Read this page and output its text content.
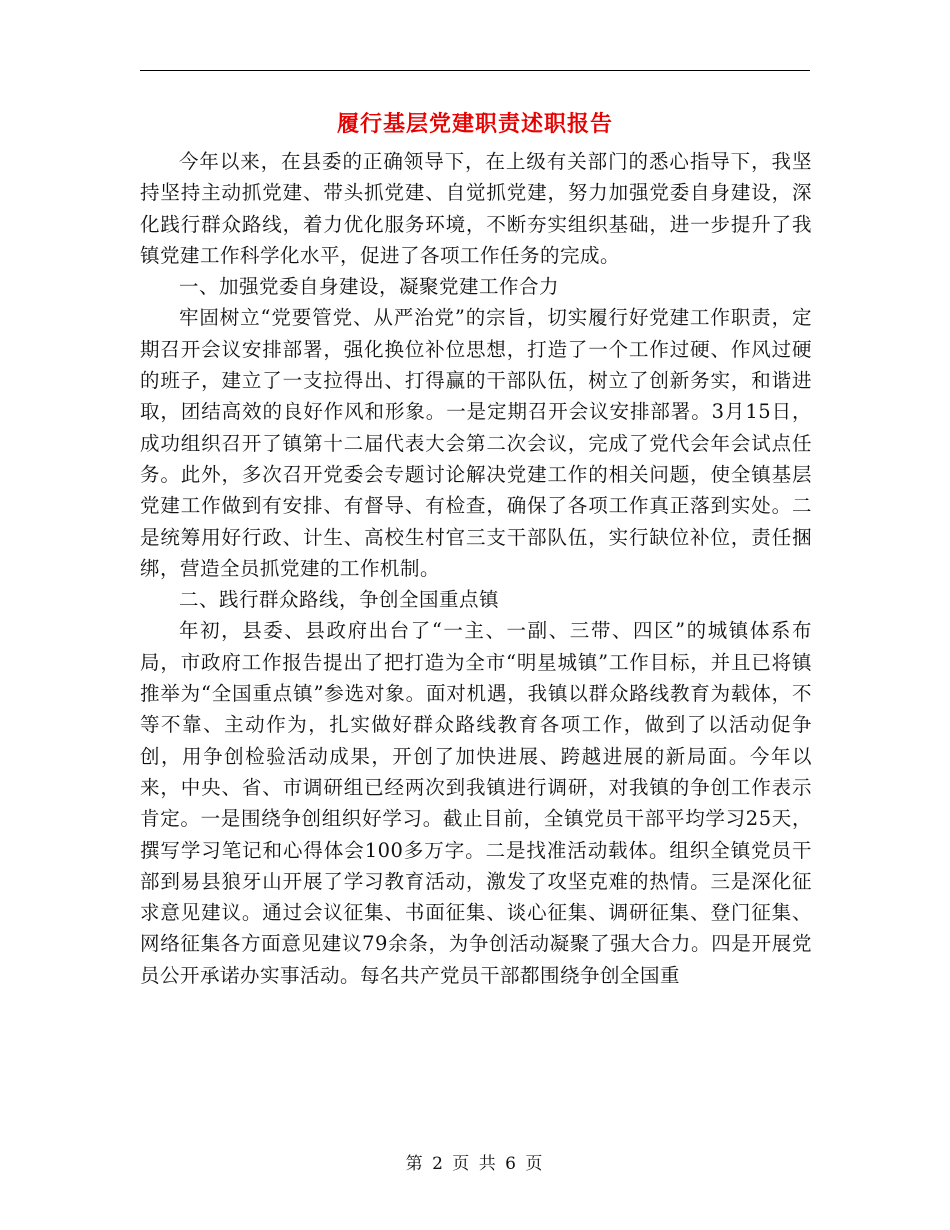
履行基层党建职责述职报告

今年以来，在县委的正确领导下，在上级有关部门的悉心指导下，我坚持坚持主动抓党建、带头抓党建、自觉抓党建，努力加强党委自身建设，深化践行群众路线，着力优化服务环境，不断夯实组织基础，进一步提升了我镇党建工作科学化水平，促进了各项工作任务的完成。

一、加强党委自身建设，凝聚党建工作合力

牢固树立“党要管党、从严治党”的宗旨，切实履行好党建工作职责，定期召开会议安排部署，强化换位补位思想，打造了一个工作过硬、作风过硬的班子，建立了一支拉得出、打得赢的干部队伍，树立了创新务实，和谐进取，团结高效的良好作风和形象。一是定期召开会议安排部署。3月15日，成功组织召开了镇第十二届代表大会第二次会议，完成了党代会年会试点任务。此外，多次召开党委会专题讨论解决党建工作的相关问题，使全镇基层党建工作做到有安排、有督导、有检查，确保了各项工作真正落到实处。二是统筹用好行政、计生、高校生村官三支干部队伍，实行缺位补位，责任捆绑，营造全员抓党建的工作机制。

二、践行群众路线，争创全国重点镇

年初，县委、县政府出台了“一主、一副、三带、四区”的城镇体系布局，市政府工作报告提出了把打造为全市“明星城镇”工作目标，并且已将镇推举为“全国重点镇”参选对象。面对机遇，我镇以群众路线教育为载体，不等不靠、主动作为，扎实做好群众路线教育各项工作，做到了以活动促争创，用争创检验活动成果，开创了加快进展、跨越进展的新局面。今年以来，中央、省、市调研组已经两次到我镇进行调研，对我镇的争创工作表示肯定。一是围绕争创组织好学习。截止目前，全镇党员干部平均学习25天，撰写学习笔记和心得体会100多万字。二是找准活动载体。组织全镇党员干部到易县狼牙山开展了学习教育活动，激发了攻坚克难的热情。三是深化征求意见建议。通过会议征集、书面征集、谈心征集、调研征集、登门征集、网络征集各方面意见建议79余条，为争创活动凝聚了强大合力。四是开展党员公开承诺办实事活动。每名共产党员干部都围绕争创全国重

第 2 页 共 6 页
